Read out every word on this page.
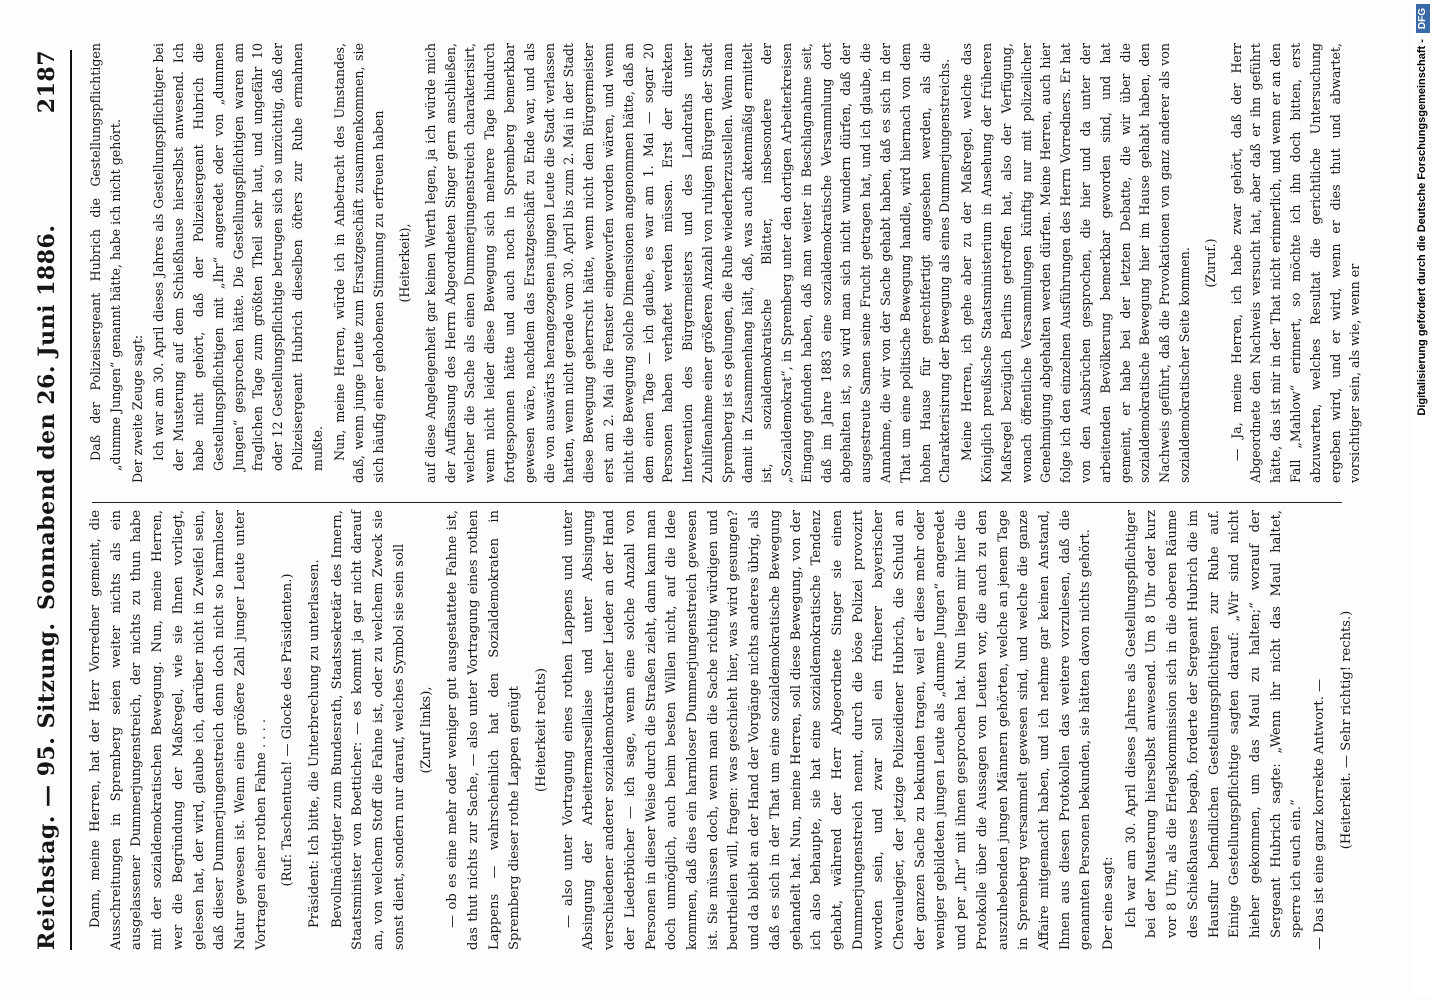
Reichstag. — 95. Sitzung.
Sonnabend den 26. Juni 1886.
2187

Dann, meine Herren, hat der Herr Vorredner gemeint, die Ausschreitungen in Spremberg seien weiter nichts als ein ausgelassener Dummerjungenstreich, der nichts zu thun habe mit der sozialdemokratischen Bewegung. Nun, meine Herren, wer die Begründung der Maßregel, wie sie Ihnen vorliegt, gelesen hat, der wird, glaube ich, darüber nicht in Zweifel sein, daß dieser Dummerjungenstreich denn doch nicht so harmloser Natur gewesen ist. Wenn eine größere Zahl junger Leute unter Vortragen einer rothen Fahne . . . . (Ruf: Taschentuch! — Glocke des Präsidenten.) Präsident: Ich bitte, die Unterbrechung zu unterlassen. Bevollmächtigter zum Bundesrath, Staatssekretär des Innern, Staatsminister von Boetticher: — es kommt ja gar nicht darauf an, von welchem Stoff die Fahne ist, oder zu welchem Zweck sie sonst dient, sondern nur darauf, welches Symbol sie sein soll (Zuruf links), — ob es eine mehr oder weniger gut ausgestattete Fahne ist, das thut nichts zur Sache, — also unter Vortragung eines rothen Lappens — wahrscheinlich hat den Sozialdemokraten in Spremberg dieser rothe Lappen genügt (Heiterkeit rechts) — also unter Vortragung eines rothen Lappens und unter Absingung der Arbeitermarseillaise und unter Absingung verschiedener anderer sozialdemokratischer Lieder an der Hand der Liederbücher — ich sage, wenn eine solche Anzahl von Personen in dieser Weise durch die Straßen zieht, dann kann man doch unmöglich, auch beim besten Willen nicht, auf die Idee kommen, daß dies ein harmloser Dummerjungenstreich gewesen ist. Sie müssen doch, wenn man die Sache richtig würdigen und beurtheilen will, fragen: was geschieht hier, was wird gesungen? und da bleibt an der Hand der Vorgänge nichts anderes übrig, als daß es sich in der That um eine sozialdemokratische Bewegung gehandelt hat. Nun, meine Herren, soll diese Bewegung, von der ich also behaupte, sie hat eine sozialdemokratische Tendenz gehabt, während der Herr Abgeordnete Singer sie einen Dummerjungenstreich nennt, durch die böse Polizei provozirt worden sein, und zwar soll ein früherer bayerischer Chevaulegier, der jetzige Polizeidiener Hubrich, die Schuld an der ganzen Sache zu bekunden tragen, weil er diese mehr oder weniger gebildeten jungen Leute als „dumme Jungen“ angeredet und per „Ihr“ mit ihnen gesprochen hat. Nun liegen mir hier die Protokolle über die Aussagen von Leuten vor, die auch zu den auszuhebenden jungen Männern gehörten, welche an jenem Tage in Spremberg versammelt gewesen sind, und welche die ganze Affaire mitgemacht haben, und ich nehme gar keinen Anstand, Ihnen aus diesen Protokollen das weitere vorzulesen, daß die genannten Personen bekunden, sie hätten davon nichts gehört. Der eine sagt: Ich war am 30. April dieses Jahres als Gestellungspflichtiger bei der Musterung hierselbst anwesend. Um 8 Uhr oder kurz vor 8 Uhr, als die Erlegskommission sich in die oberen Räume des Schießhauses begab, forderte der Sergeant Hubrich die im Hausflur befindlichen Gestellungspflichtigen zur Ruhe auf. Einige Gestellungspflichtige sagten darauf: „Wir sind nicht hieher gekommen, um das Maul zu halten;“ worauf der Sergeant Hubrich sagte: „Wenn ihr nicht das Maul haltet, sperre ich euch ein.“ — Das ist eine ganz korrekte Antwort. — (Heiterkeit. — Sehr richtig! rechts.)

Daß der Polizeisergeant Hubrich die Gestellungspflichtigen „dumme Jungen“ genannt hätte, habe ich nicht gehört. Der zweite Zeuge sagt: Ich war am 30. April dieses Jahres als Gestellungspflichtiger bei der Musterung auf dem Schießhause hierselbst anwesend. Ich habe nicht gehört, daß der Polizeisergeant Hubrich die Gestellungspflichtigen mit „Ihr“ angeredet oder von „dummen Jungen“ gesprochen hätte. Die Gestellungspflichtigen waren am fraglichen Tage zum größten Theil sehr laut, und ungefähr 10 oder 12 Gestellungspflichtige betrugen sich so unzüchtig, daß der Polizeisergeant Hubrich dieselben öfters zur Ruhe ermahnen mußte. Nun, meine Herren, würde ich in Anbetracht des Umstandes, daß, wenn junge Leute zum Ersatzgeschäft zusammenkommen, sie sich häufig einer gehobenen Stimmung zu erfreuen haben (Heiterkeit), auf diese Angelegenheit gar keinen Werth legen, ja ich würde mich der Auffassung des Herrn Abgeordneten Singer gern anschließen, welcher die Sache als einen Dummerjungenstreich charakterisirt, wenn nicht leider diese Bewegung sich mehrere Tage hindurch fortgesponnen hätte und auch noch in Spremberg bemerkbar gewesen wäre, nachdem das Ersatzgeschäft zu Ende war, und als die von auswärts herangezogenen jungen Leute die Stadt verlassen hatten, wenn nicht gerade vom 30. April bis zum 2. Mai in der Stadt diese Bewegung geherrscht hätte, wenn nicht dem Bürgermeister erst am 2. Mai die Fenster eingeworfen worden wären, und wenn nicht die Bewegung solche Dimensionen angenommen hätte, daß an dem einen Tage — ich glaube, es war am 1. Mai — sogar 20 Personen haben verhaftet werden müssen. Erst der direkten Intervention des Bürgermeisters und des Landraths unter Zuhilfenahme einer größeren Anzahl von ruhigen Bürgern der Stadt Spremberg ist es gelungen, die Ruhe wiederherzustellen. Wenn man damit in Zusammenhang hält, daß, was auch aktenmäßig ermittelt ist, sozialdemokratische Blätter, insbesondere der „Sozialdemokrat“, in Spremberg unter den dortigen Arbeiterkreisen Eingang gefunden haben, daß man weiter in Beschlagnahme seit, daß im Jahre 1883 eine sozialdemokratische Versammlung dort abgehalten ist, so wird man sich nicht wundern dürfen, daß der ausgestreute Samen seine Frucht getragen hat, und ich glaube, die Annahme, die wir von der Sache gehabt haben, daß es sich in der That um eine politische Bewegung handle, wird hiernach von dem hohen Hause für gerechtfertigt angesehen werden, als die Charakterisirung der Bewegung als eines Dummerjungenstreichs. Meine Herren, ich gehe aber zu der Maßregel, welche das Königlich preußische Staatsministerium in Ansehung der früheren Maßregel bezüglich Berlins getroffen hat, also der Verfügung, wonach öffentliche Versammlungen künftig nur mit polizeilicher Genehmigung abgehalten werden dürfen. Meine Herren, auch hier folge ich den einzelnen Ausführungen des Herrn Vorredners. Er hat von den Ausbrüchen gesprochen, die hier und da unter der arbeitenden Bevölkerung bemerkbar geworden sind, und hat gemeint, er habe bei der letzten Debatte, die wir über die sozialdemokratische Bewegung hier im Hause gehabt haben, den Nachweis geführt, daß die Provokationen von ganz anderer als von sozialdemokratischer Seite kommen. (Zuruf.) — Ja, meine Herren, ich habe zwar gehört, daß der Herr Abgeordnete den Nachweis versucht hat, aber daß er ihn geführt hätte, das ist mir in der That nicht erinnerlich, und wenn er an den Fall „Mahlow“ erinnert, so möchte ich ihn doch bitten, erst abzuwarten, welches Resultat die gerichtliche Untersuchung ergeben wird, und er wird, wenn er dies thut und abwartet, vorsichtiger sein, als wie, wenn er	Digitalisierung gefördert durch die Deutsche Forschungsgemeinschaft -DFG
